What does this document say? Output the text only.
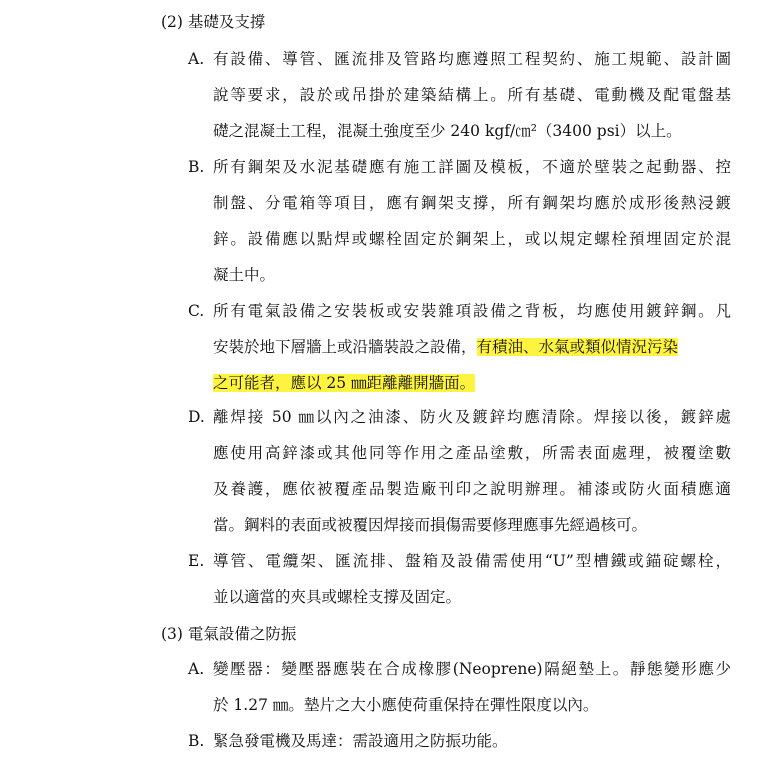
(2) 基礎及支撐
A. 有設備、導管、匯流排及管路均應遵照工程契約、施工規範、設計圖
說等要求，設於或吊掛於建築結構上。所有基礎、電動機及配電盤基
礎之混凝土工程，混凝土強度至少 240 kgf/㎝²（3400 psi）以上。
B. 所有鋼架及水泥基礎應有施工詳圖及模板，不適於壁裝之起動器、控
制盤、分電箱等項目，應有鋼架支撐，所有鋼架均應於成形後熱浸鍍
鋅。設備應以點焊或螺栓固定於鋼架上，或以規定螺栓預埋固定於混
凝土中。
C. 所有電氣設備之安裝板或安裝雜項設備之背板，均應使用鍍鋅鋼。凡
安裝於地下層牆上或沿牆裝設之設備，有積油、水氣或類似情況污染
之可能者，應以 25 ㎜距離離開牆面。
D. 離焊接 50 ㎜以內之油漆、防火及鍍鋅均應清除。焊接以後，鍍鋅處
應使用高鋅漆或其他同等作用之產品塗敷，所需表面處理，被覆塗數
及養護，應依被覆產品製造廠刊印之說明辦理。補漆或防火面積應適
當。鋼料的表面或被覆因焊接而損傷需要修理應事先經過核可。
E. 導管、電纜架、匯流排、盤箱及設備需使用“U”型槽鐵或錨碇螺栓，
並以適當的夾具或螺栓支撐及固定。
(3) 電氣設備之防振
A. 變壓器：變壓器應裝在合成橡膠(Neoprene)隔絕墊上。靜態變形應少
於 1.27 ㎜。墊片之大小應使荷重保持在彈性限度以內。
B. 緊急發電機及馬達：需設適用之防振功能。
